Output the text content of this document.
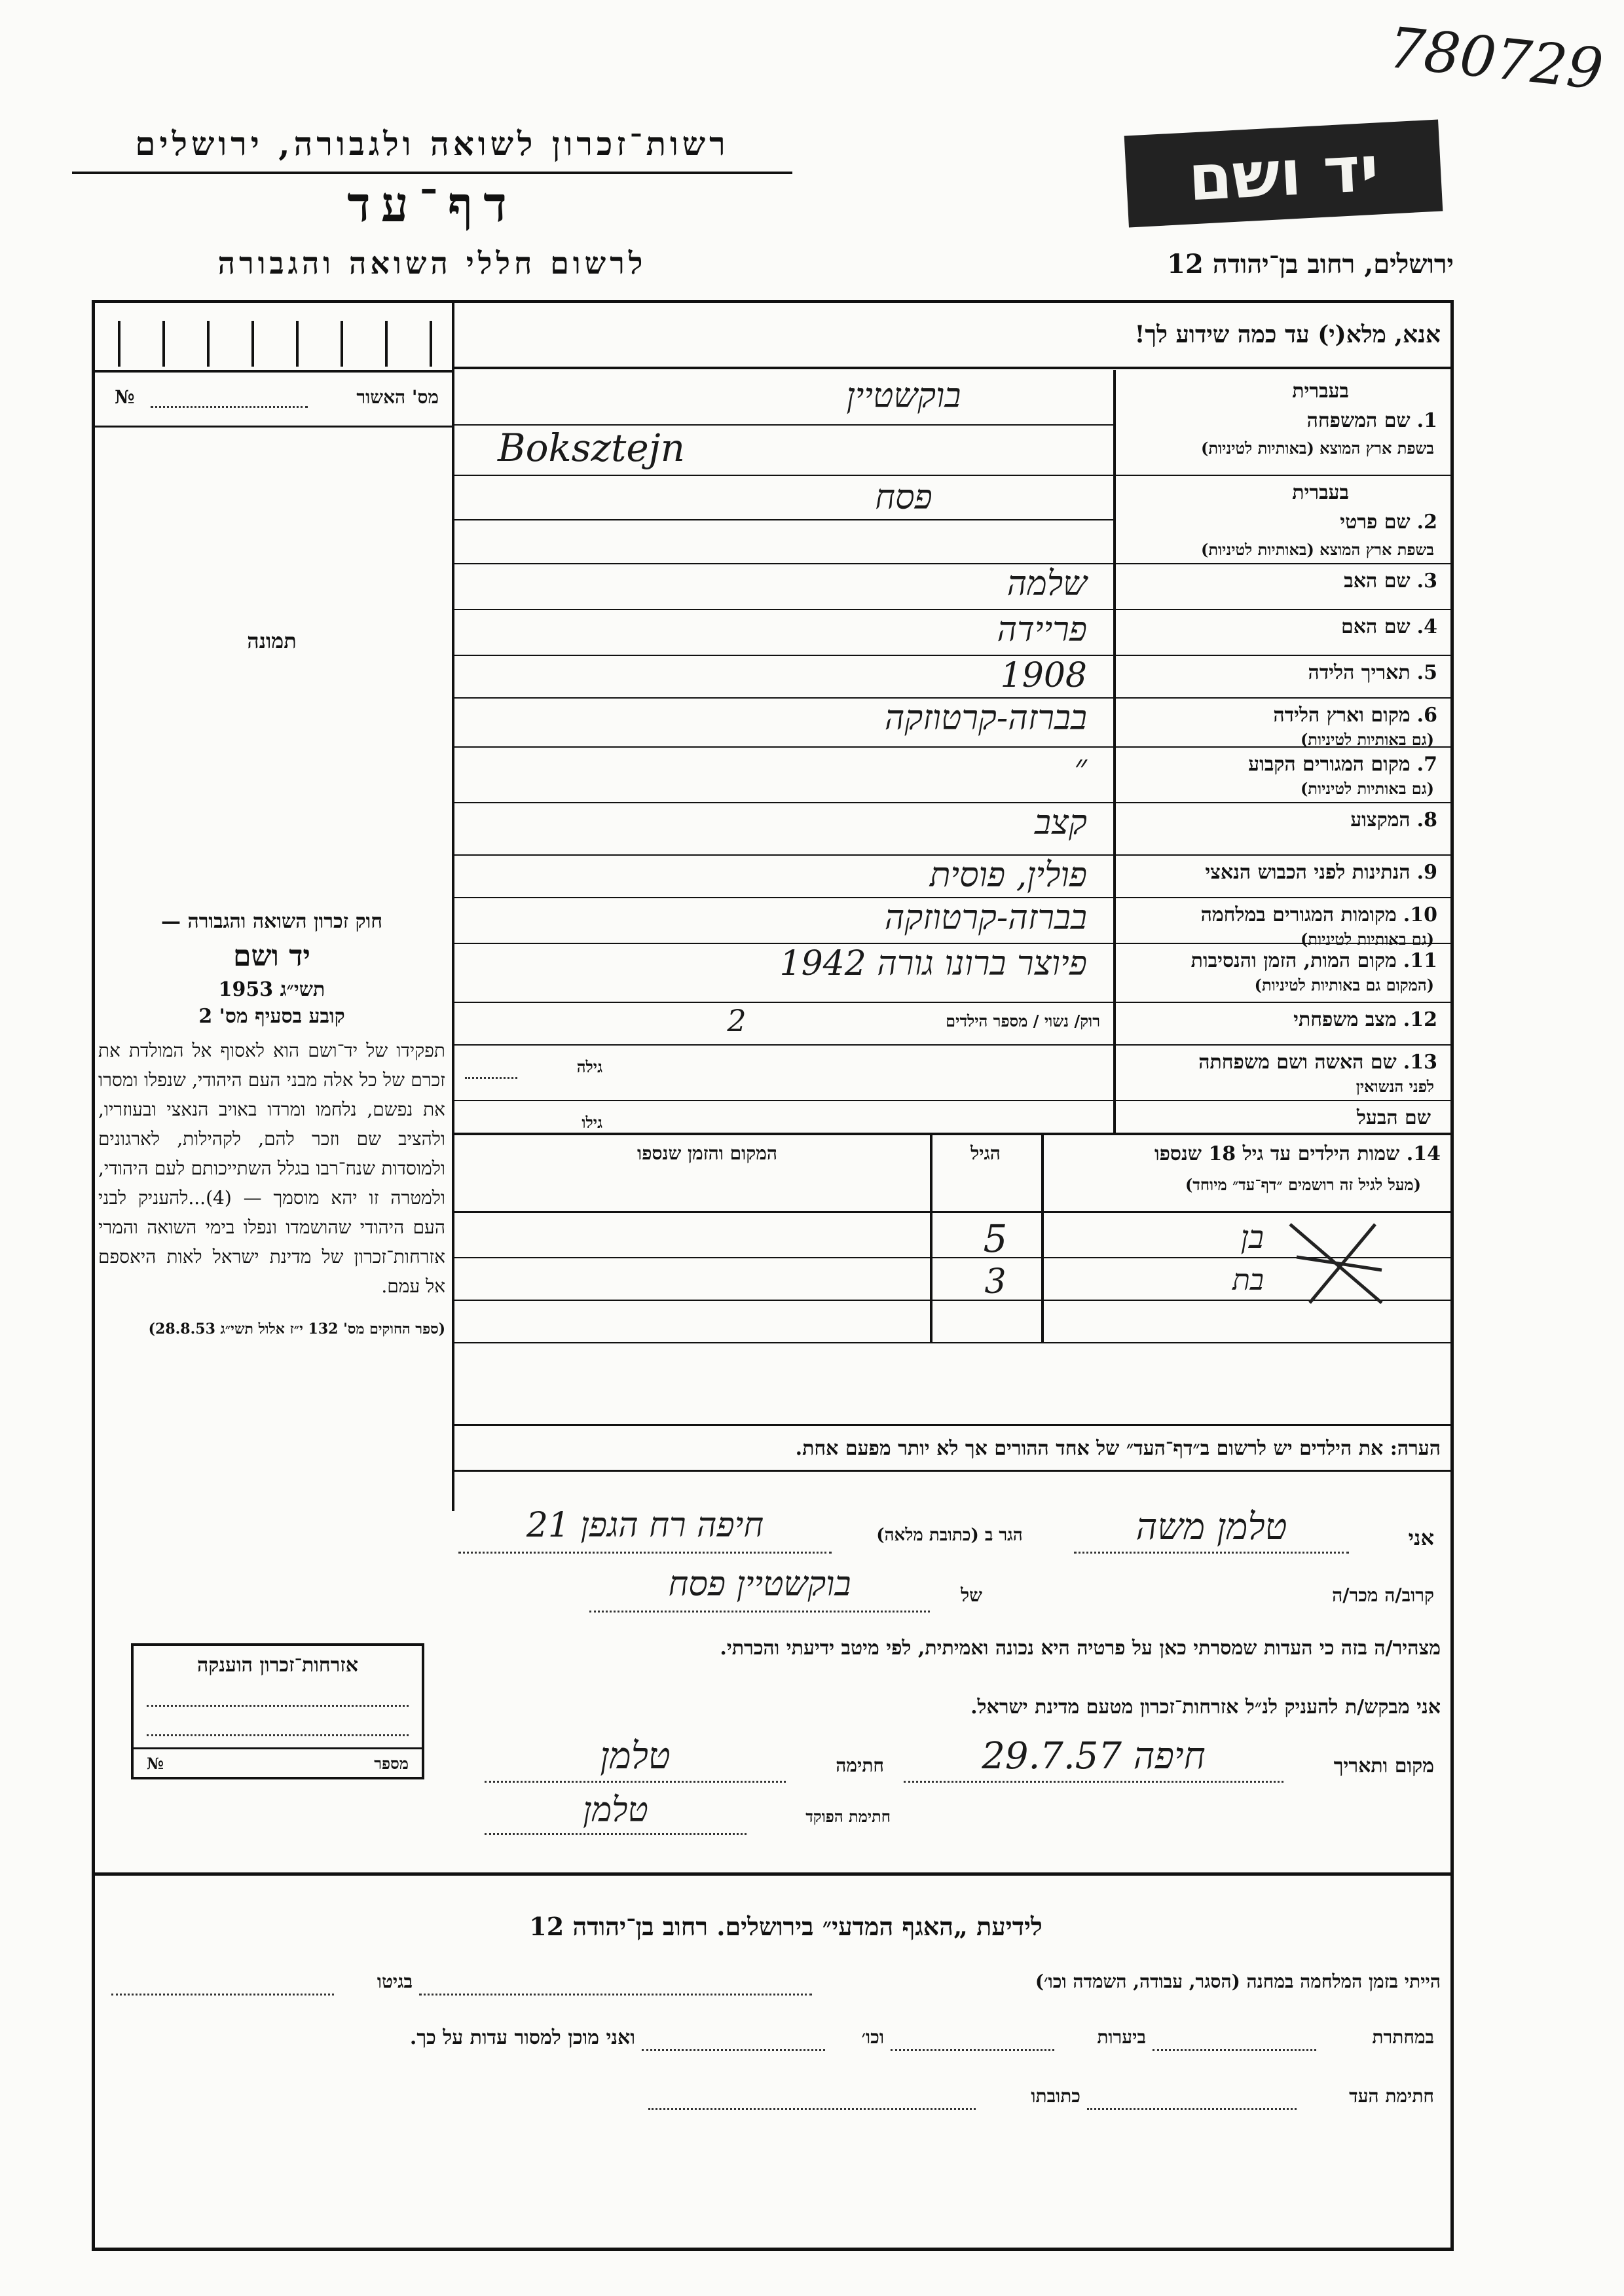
780729
רשות־זכרון לשואה ולגבורה, ירושלים
דף־עד
לרשום חללי השואה והגבורה
יד ושם
ירושלים, רחוב בן־יהודה 12
אנא, מלא(י) עד כמה שידוע לך!
מס' האשור
№
תמונה
1.שם המשפחה
בשפת ארץ המוצא (באותיות לטיניות)
בעברית
בוקשטיין
Boksztejn
2.שם פרטי
בשפת ארץ המוצא (באותיות לטיניות)
בעברית
פסח
3.שם האב
שלמה
4.שם האם
פריידה
5.תאריך הלידה
1908
6.מקום וארץ הלידה
(גם באותיות לטיניות)
בברזה-קרטוזקה
7.מקום המגורים הקבוע
(גם באותיות לטיניות)
״
8.המקצוע
קצב
9.הנתינות לפני הכבוש הנאצי
פולין, פוסית
10.מקומות המגורים במלחמה
(גם באותיות לטיניות)
בברזה-קרטוזקה
11.מקום המות, הזמן והנסיבות
(המקום גם באותיות לטיניות)
פיוצר ברונו גורה 1942
12.מצב משפחתי
רוק/ נשוי / מספר הילדים
2
13.שם האשה ושם משפחתה
לפני הנשואין
גילה
שם הבעל
גילו
14. שמות הילדים עד גיל 18 שנספו
(מעל לגיל זה רושמים ״דף־עד״ מיוחד)
הגיל
המקום והזמן שנספו
בן
5
בת
3
הערה: את הילדים יש לרשום ב״דף־העד״ של אחד ההורים אך לא יותר מפעם אחת.
חוק זכרון השואה והגבורה —
יד ושם
תשי״ג 1953
קובע בסעיף מס' 2
תפקידו של יד־ושם הוא לאסוף אל המולדת את זכרם של כל אלה מבני העם היהודי, שנפלו ומסרו את נפשם, נלחמו ומרדו באויב הנאצי ובעוזריו, ולהציב שם וזכר להם, לקהילות, לארגונים ולמוסדות שנח־רבו בגלל השתייכותם לעם היהודי, ולמטרה זו יהא מוסמך — (4)...להעניק לבני העם היהודי שהושמדו ונפלו בימי השואה והמרי אזרחות־זכרון של מדינת ישראל לאות היאספם אל עמם.
(ספר החוקים מס' 132 י״ז אלול תשי״ג 28.8.53)
אזרחות־זכרון הוענקה
מספר
№
אני
טלמן משה
הגר ב (כתובת מלאה)
חיפה רח הגפן 21
קרוב/ה מכר/ה
של
בוקשטיין פסח
מצהיר/ה בזה כי העדות שמסרתי כאן על פרטיה היא נכונה ואמיתית, לפי מיטב ידיעתי והכרתי.
אני מבקש/ת להעניק לנ״ל אזרחות־זכרון מטעם מדינת ישראל.
מקום ותאריך
חיפה 29.7.57
חתימה
טלמן
חתימת הפוקד
טלמן
לידיעת „האגף המדעי״ בירושלים. רחוב בן־יהודה 12
הייתי בזמן המלחמה במחנה (הסגר, עבודה, השמדה וכו׳)
בגיטו
במחתרת
ביערות
וכו׳
ואני מוכן למסור עדות על כך.
חתימת העד
כתובתו
